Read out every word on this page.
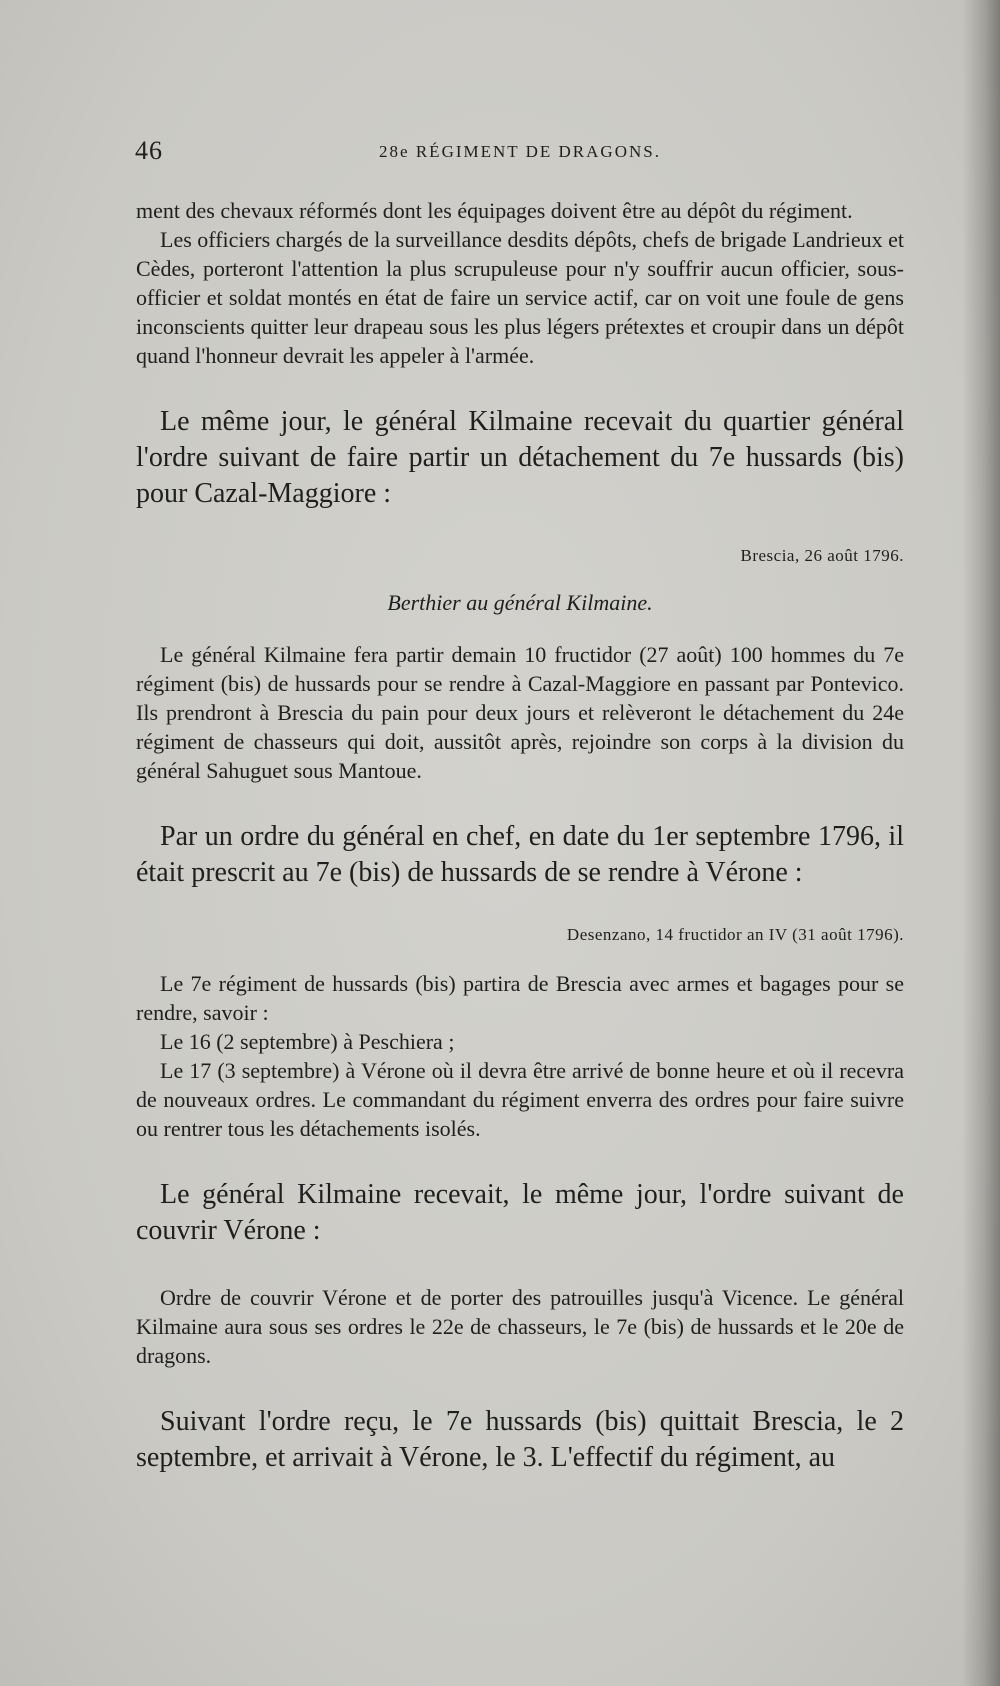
46	28e RÉGIMENT DE DRAGONS.

ment des chevaux réformés dont les équipages doivent être au dépôt du régiment.

Les officiers chargés de la surveillance desdits dépôts, chefs de brigade Landrieux et Cèdes, porteront l'attention la plus scrupuleuse pour n'y souffrir aucun officier, sous-officier et soldat montés en état de faire un service actif, car on voit une foule de gens inconscients quitter leur drapeau sous les plus légers prétextes et croupir dans un dépôt quand l'honneur devrait les appeler à l'armée.

Le même jour, le général Kilmaine recevait du quartier général l'ordre suivant de faire partir un détachement du 7e hussards (bis) pour Cazal-Maggiore :

Brescia, 26 août 1796.

Berthier au général Kilmaine.

Le général Kilmaine fera partir demain 10 fructidor (27 août) 100 hommes du 7e régiment (bis) de hussards pour se rendre à Cazal-Maggiore en passant par Pontevico. Ils prendront à Brescia du pain pour deux jours et relèveront le détachement du 24e régiment de chasseurs qui doit, aussitôt après, rejoindre son corps à la division du général Sahuguet sous Mantoue.

Par un ordre du général en chef, en date du 1er septembre 1796, il était prescrit au 7e (bis) de hussards de se rendre à Vérone :

Desenzano, 14 fructidor an IV (31 août 1796).

Le 7e régiment de hussards (bis) partira de Brescia avec armes et bagages pour se rendre, savoir :

Le 16 (2 septembre) à Peschiera ;

Le 17 (3 septembre) à Vérone où il devra être arrivé de bonne heure et où il recevra de nouveaux ordres. Le commandant du régiment enverra des ordres pour faire suivre ou rentrer tous les détachements isolés.

Le général Kilmaine recevait, le même jour, l'ordre suivant de couvrir Vérone :

Ordre de couvrir Vérone et de porter des patrouilles jusqu'à Vicence. Le général Kilmaine aura sous ses ordres le 22e de chasseurs, le 7e (bis) de hussards et le 20e de dragons.

Suivant l'ordre reçu, le 7e hussards (bis) quittait Brescia, le 2 septembre, et arrivait à Vérone, le 3. L'effectif du régiment, au
